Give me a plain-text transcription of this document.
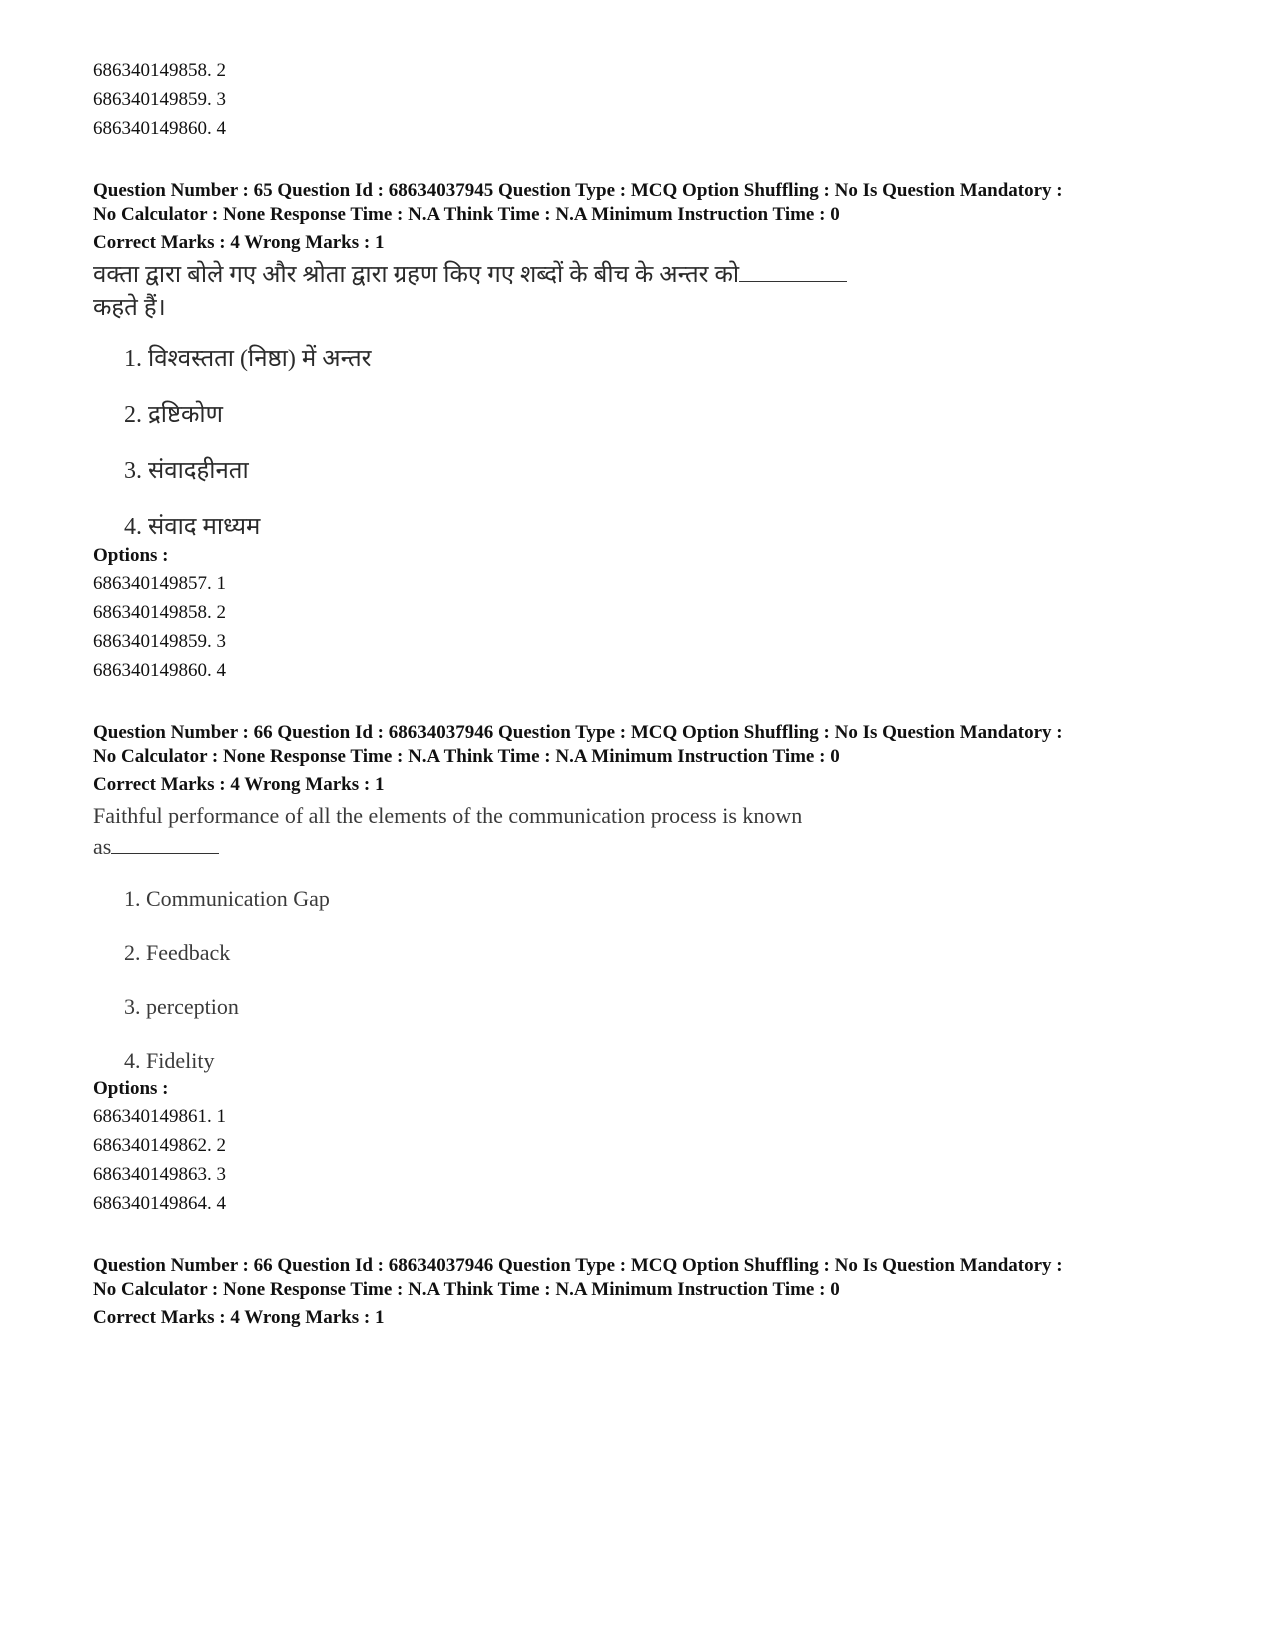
686340149858. 2
686340149859. 3
686340149860. 4
Question Number : 65 Question Id : 68634037945 Question Type : MCQ Option Shuffling : No Is Question Mandatory :
No Calculator : None Response Time : N.A Think Time : N.A Minimum Instruction Time : 0
Correct Marks : 4 Wrong Marks : 1
वक्ता द्वारा बोले गए और श्रोता द्वारा ग्रहण किए गए शब्दों के बीच के अन्तर को
कहते हैं।
1. विश्वस्तता (निष्ठा) में अन्तर
2. द्रष्टिकोण
3. संवादहीनता
4. संवाद माध्यम
Options :
686340149857. 1
686340149858. 2
686340149859. 3
686340149860. 4
Question Number : 66 Question Id : 68634037946 Question Type : MCQ Option Shuffling : No Is Question Mandatory :
No Calculator : None Response Time : N.A Think Time : N.A Minimum Instruction Time : 0
Correct Marks : 4 Wrong Marks : 1
Faithful performance of all the elements of the communication process is known
as
1. Communication Gap
2. Feedback
3. perception
4. Fidelity
Options :
686340149861. 1
686340149862. 2
686340149863. 3
686340149864. 4
Question Number : 66 Question Id : 68634037946 Question Type : MCQ Option Shuffling : No Is Question Mandatory :
No Calculator : None Response Time : N.A Think Time : N.A Minimum Instruction Time : 0
Correct Marks : 4 Wrong Marks : 1
